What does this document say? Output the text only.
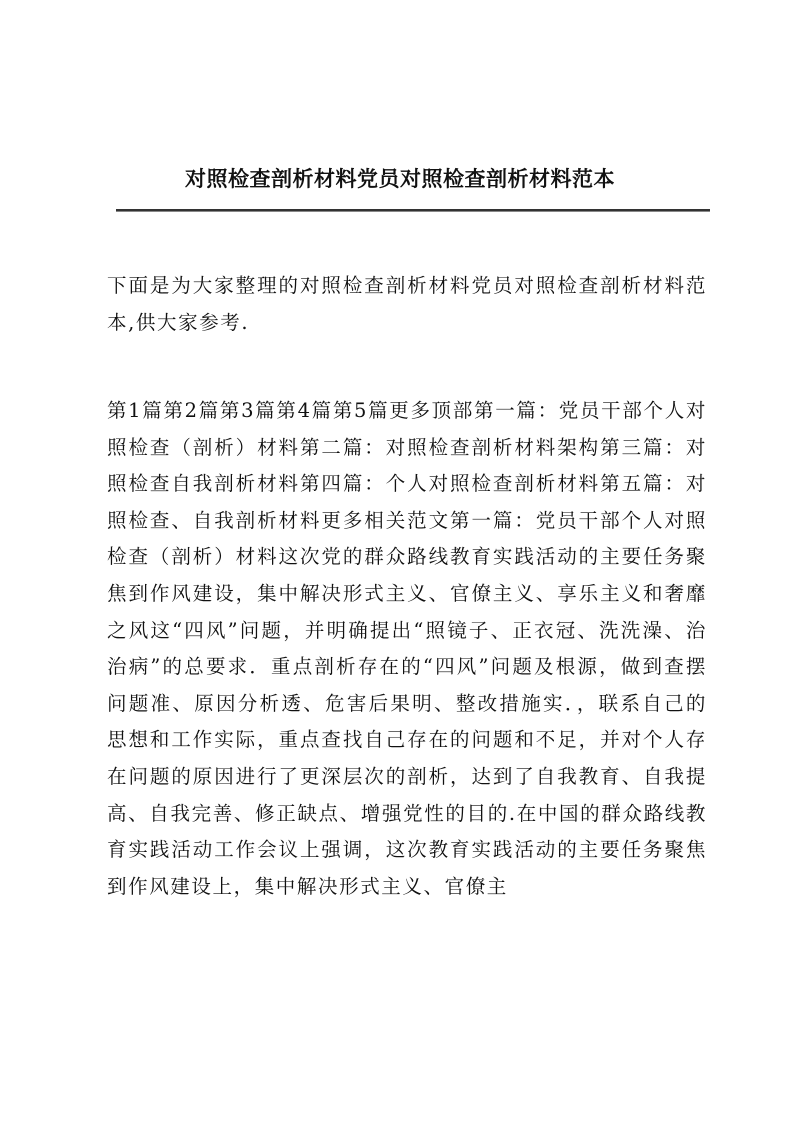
对照检查剖析材料党员对照检查剖析材料范本

下面是为大家整理的对照检查剖析材料党员对照检查剖析材料范本,供大家参考.

第1篇第2篇第3篇第4篇第5篇更多顶部第一篇：党员干部个人对照检查（剖析）材料第二篇：对照检查剖析材料架构第三篇：对照检查自我剖析材料第四篇：个人对照检查剖析材料第五篇：对照检查、自我剖析材料更多相关范文第一篇：党员干部个人对照检查（剖析）材料这次党的群众路线教育实践活动的主要任务聚焦到作风建设，集中解决形式主义、官僚主义、享乐主义和奢靡之风这“四风”问题，并明确提出“照镜子、正衣冠、洗洗澡、治治病”的总要求．重点剖析存在的“四风”问题及根源，做到查摆问题准、原因分析透、危害后果明、整改措施实．，联系自己的思想和工作实际，重点查找自己存在的问题和不足，并对个人存在问题的原因进行了更深层次的剖析，达到了自我教育、自我提高、自我完善、修正缺点、增强党性的目的.在中国的群众路线教育实践活动工作会议上强调，这次教育实践活动的主要任务聚焦到作风建设上，集中解决形式主义、官僚主
